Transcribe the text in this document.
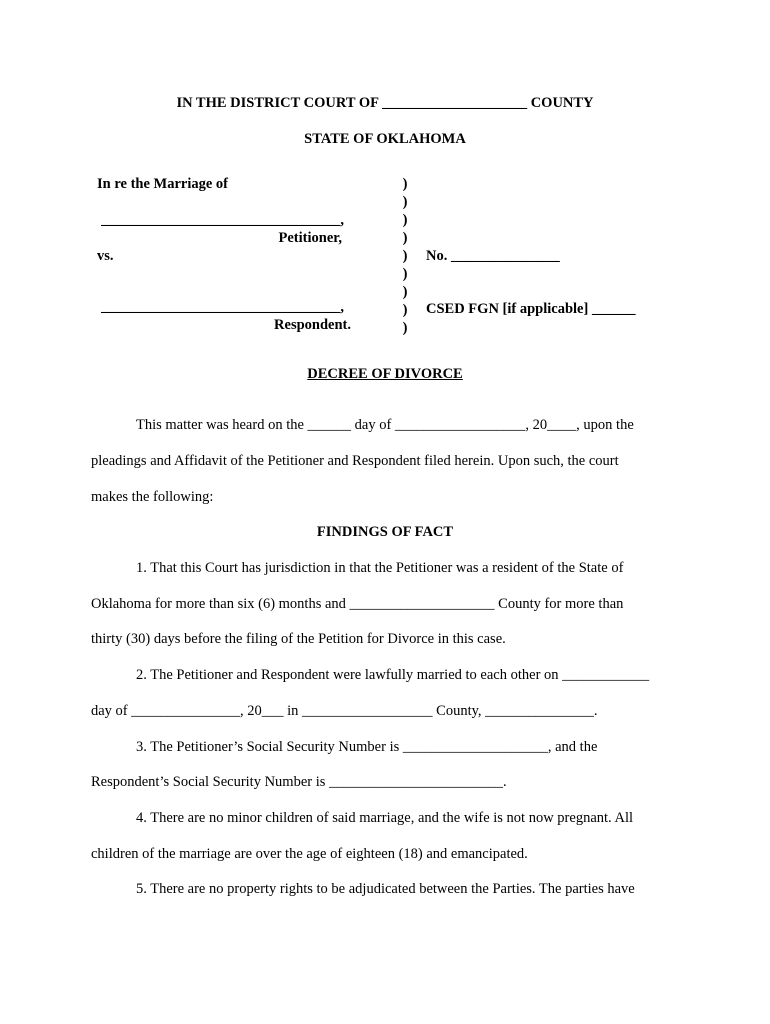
IN THE DISTRICT COURT OF ____________________ COUNTY
STATE OF OKLAHOMA
In re the Marriage of
_________________________________,
Petitioner,
vs.
_________________________________,
Respondent.
)
)
)
)
)
)
)
)
)
No. _______________
CSED FGN [if applicable] ______
DECREE OF DIVORCE
This matter was heard on the ______ day of __________________, 20____, upon the
pleadings and Affidavit of the Petitioner and Respondent filed herein. Upon such, the court
makes the following:
FINDINGS OF FACT
1. That this Court has jurisdiction in that the Petitioner was a resident of the State of
Oklahoma for more than six (6) months and ____________________ County for more than
thirty (30) days before the filing of the Petition for Divorce in this case.
2. The Petitioner and Respondent were lawfully married to each other on ____________
day of _______________, 20___ in __________________ County, _______________.
3. The Petitioner’s Social Security Number is ____________________, and the
Respondent’s Social Security Number is ________________________.
4. There are no minor children of said marriage, and the wife is not now pregnant. All
children of the marriage are over the age of eighteen (18) and emancipated.
5. There are no property rights to be adjudicated between the Parties. The parties have
